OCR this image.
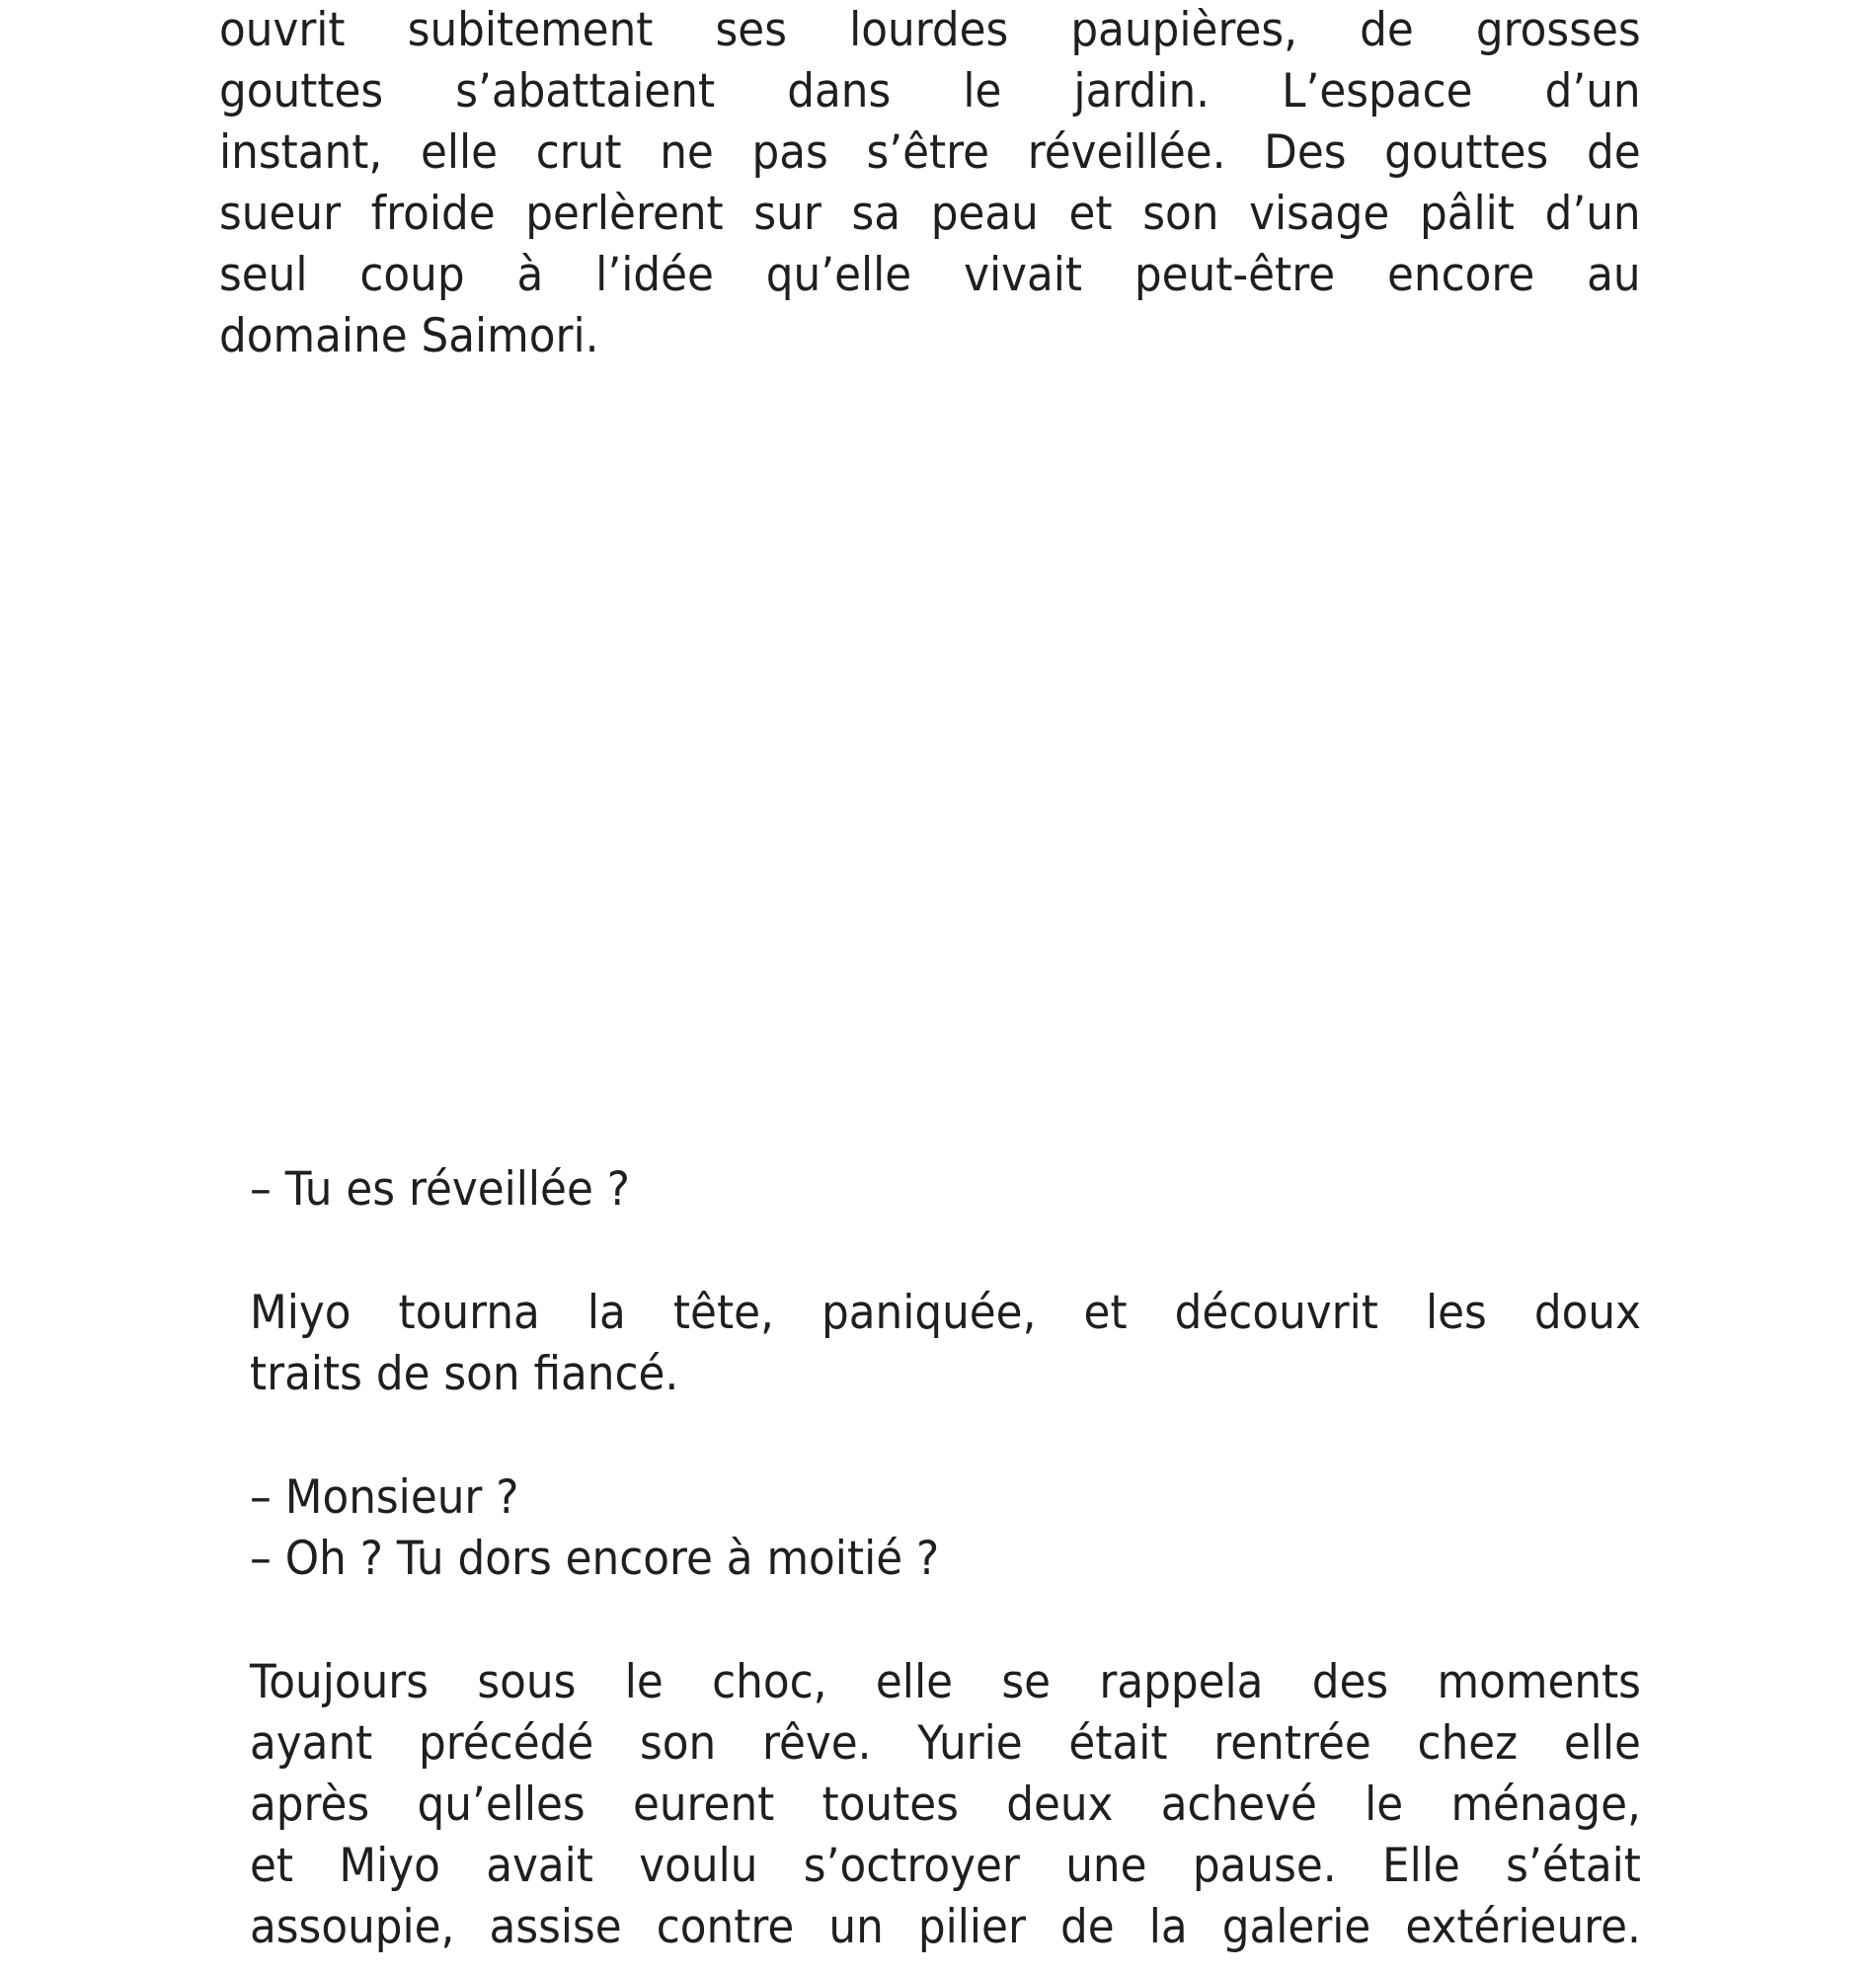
ouvrit subitement ses lourdes paupières, de grosses
gouttes s’abattaient dans le jardin. L’espace d’un
instant, elle crut ne pas s’être réveillée. Des gouttes de
sueur froide perlèrent sur sa peau et son visage pâlit d’un
seul coup à l’idée qu’elle vivait peut-être encore au
domaine Saimori.
– Tu es réveillée ?
Miyo tourna la tête, paniquée, et découvrit les doux
traits de son fiancé.
– Monsieur ?
– Oh ? Tu dors encore à moitié ?
Toujours sous le choc, elle se rappela des moments
ayant précédé son rêve. Yurie était rentrée chez elle
après qu’elles eurent toutes deux achevé le ménage,
et Miyo avait voulu s’octroyer une pause. Elle s’était
assoupie, assise contre un pilier de la galerie extérieure.
